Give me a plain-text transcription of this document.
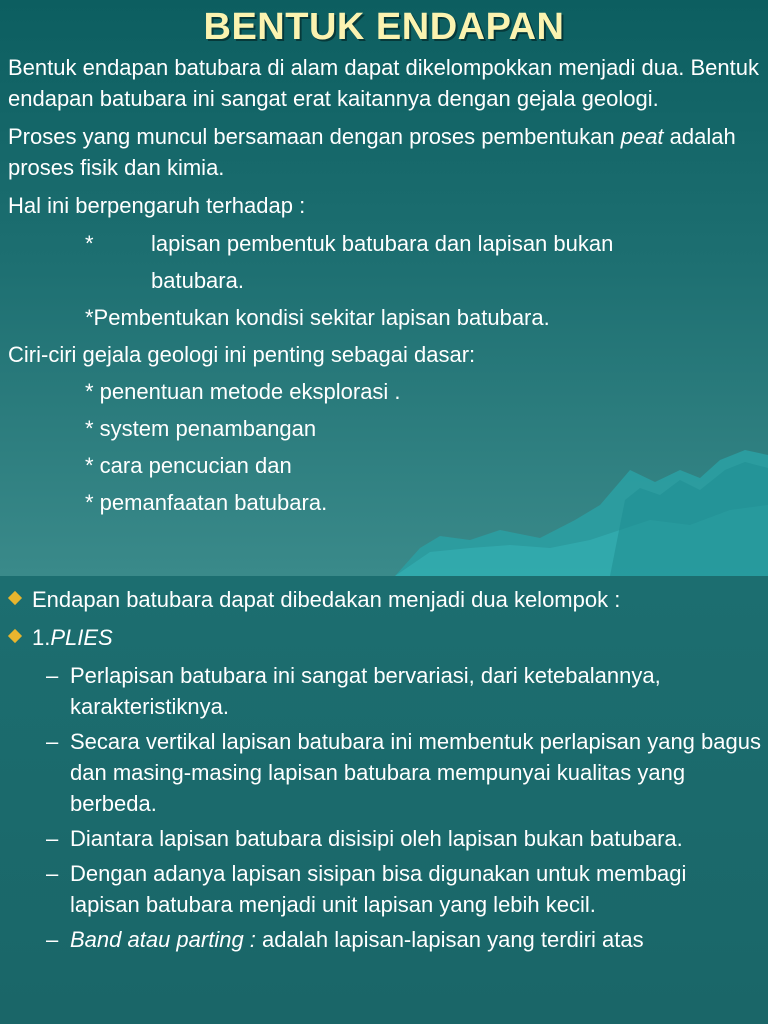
BENTUK ENDAPAN

Bentuk endapan batubara di alam dapat dikelompokkan menjadi dua. Bentuk endapan batubara ini sangat erat kaitannya dengan gejala geologi.

Proses yang muncul bersamaan dengan proses pembentukan peat adalah proses fisik dan kimia.

Hal ini berpengaruh terhadap :

*	lapisan pembentuk batubara dan lapisan bukan
batubara.
*Pembentukan kondisi sekitar lapisan batubara.
Ciri-ciri gejala geologi ini penting sebagai dasar:
* penentuan metode eksplorasi .
* system penambangan
* cara pencucian dan
* pemanfaatan batubara.
Endapan batubara dapat dibedakan menjadi dua kelompok :
1.PLIES
– Perlapisan batubara ini sangat bervariasi, dari ketebalannya, karakteristiknya.
– Secara vertikal lapisan batubara ini membentuk perlapisan yang bagus dan masing-masing lapisan batubara mempunyai kualitas yang berbeda.
– Diantara lapisan batubara disisipi oleh lapisan bukan batubara.
– Dengan adanya lapisan sisipan bisa digunakan untuk membagi lapisan batubara menjadi unit lapisan yang lebih kecil.
– Band atau parting : adalah lapisan-lapisan yang terdiri atas
